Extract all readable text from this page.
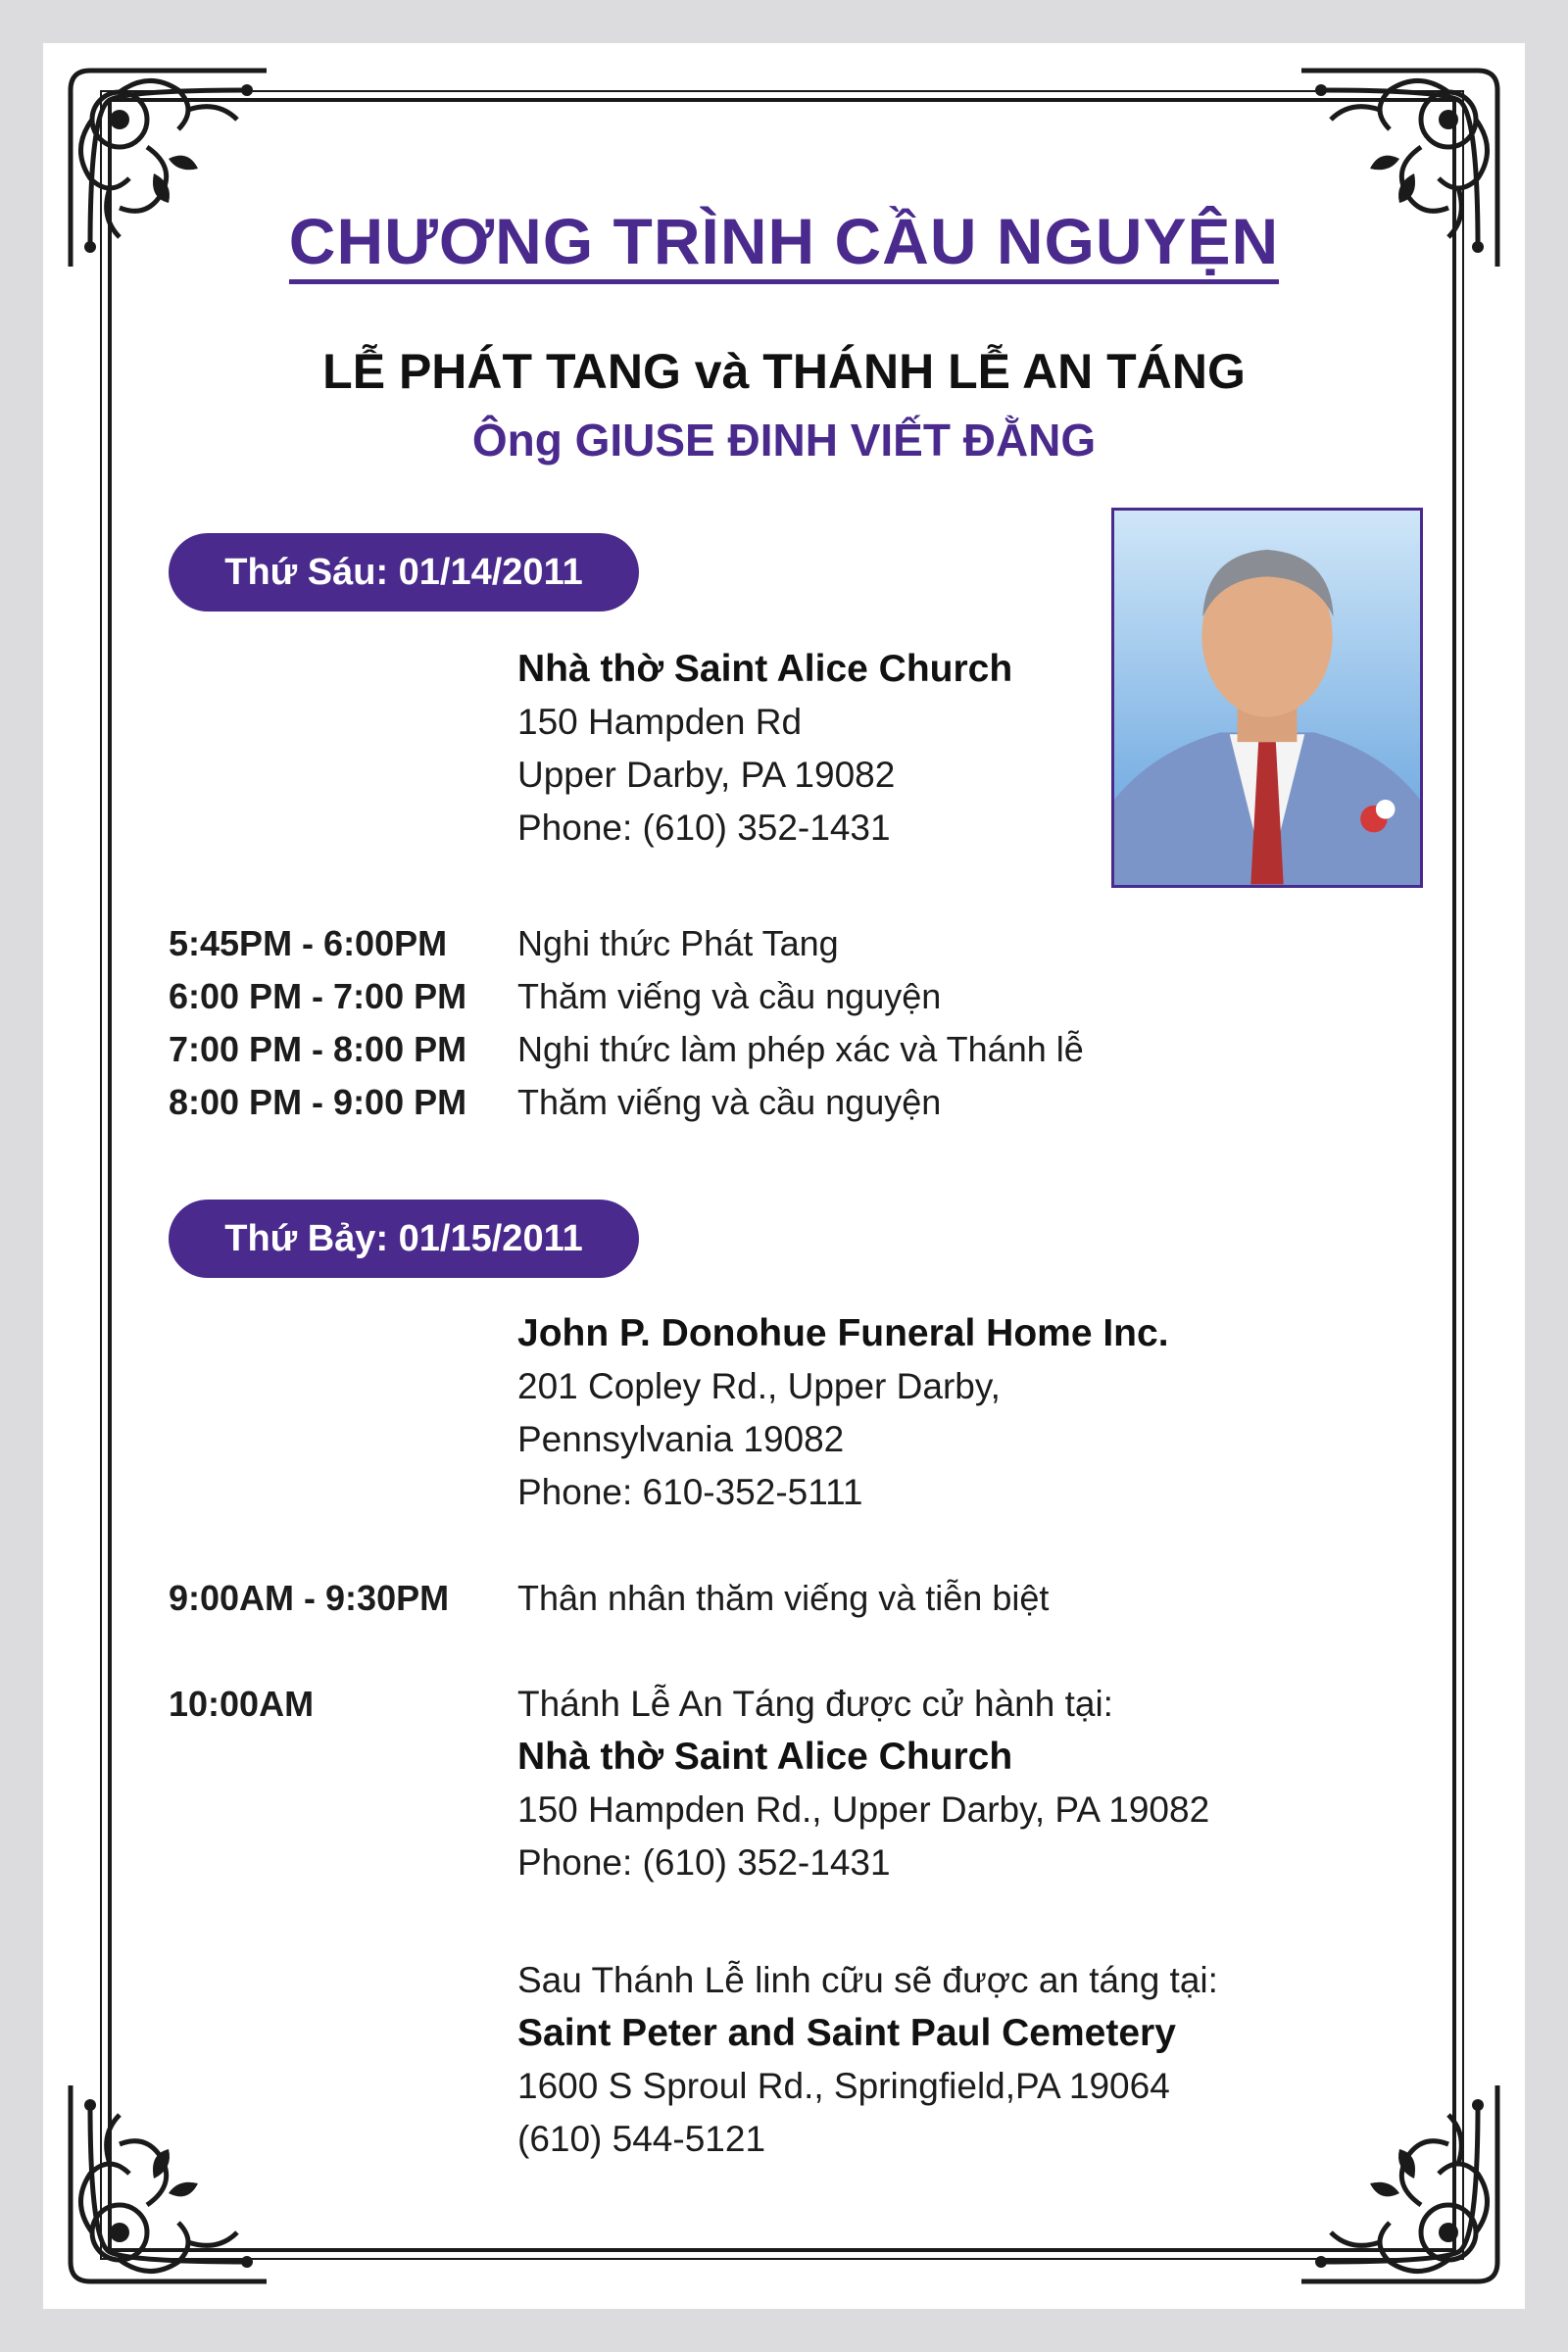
CHƯƠNG TRÌNH CẦU NGUYỆN
LỄ PHÁT TANG và THÁNH LỄ AN TÁNG
Ông GIUSE ĐINH VIẾT ĐẰNG
Thứ Sáu: 01/14/2011
Nhà thờ Saint Alice Church
150 Hampden Rd
Upper Darby, PA 19082
Phone: (610) 352-1431
5:45PM - 6:00PM	Nghi thức Phát Tang
6:00 PM - 7:00 PM	Thăm viếng và cầu nguyện
7:00 PM - 8:00 PM	Nghi thức làm phép xác và Thánh lễ
8:00 PM - 9:00 PM	Thăm viếng và cầu nguyện
Thứ Bảy: 01/15/2011
John P. Donohue Funeral Home Inc.
201 Copley Rd., Upper Darby,
Pennsylvania 19082
Phone: 610-352-5111
9:00AM - 9:30PM	Thân nhân thăm viếng và tiễn biệt
10:00AM	Thánh Lễ An Táng được cử hành tại:
Nhà thờ Saint Alice Church
150 Hampden Rd., Upper Darby, PA 19082
Phone: (610) 352-1431
Sau Thánh Lễ linh cữu sẽ được an táng tại:
Saint Peter and Saint Paul Cemetery
1600 S Sproul Rd., Springfield,PA 19064
(610) 544-5121
